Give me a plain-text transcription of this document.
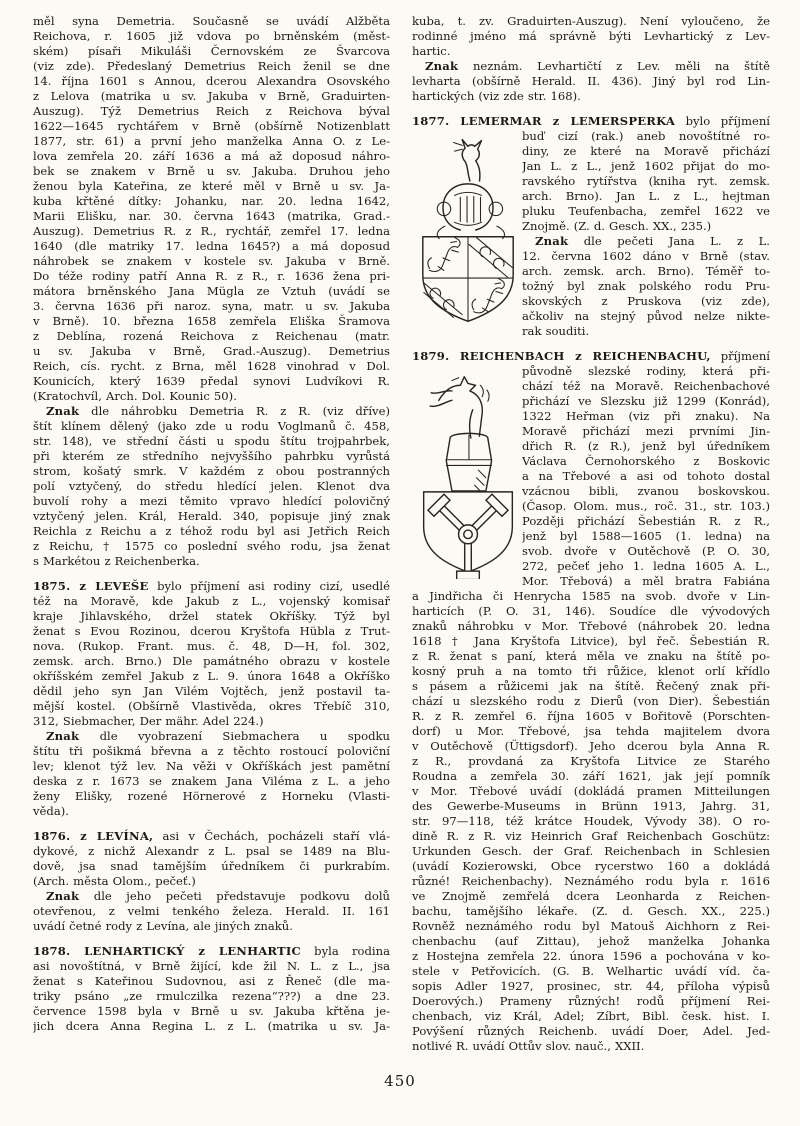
měl syna Demetria. Současně se uvádí Alžběta
Reichova, r. 1605 již vdova po brněnském (měst-
ském) písaři Mikuláši Černovském ze Švarcova
(viz zde). Předeslaný Demetrius Reich ženil se dne
14. října 1601 s Annou, dcerou Alexandra Osovského
z Lelova (matrika u sv. Jakuba v Brně, Graduirten-
Auszug). Týž Demetrius Reich z Reichova býval
1622—1645 rychtářem v Brně (obšírně Notizenblatt
1877, str. 61) a první jeho manželka Anna O. z Le-
lova zemřela 20. září 1636 a má až doposud náhro-
bek se znakem v Brně u sv. Jakuba. Druhou jeho
ženou byla Kateřina, ze které měl v Brně u sv. Ja-
kuba křtěné dítky: Johanku, nar. 20. ledna 1642,
Marii Elišku, nar. 30. června 1643 (matrika, Grad.-
Auszug). Demetrius R. z R., rychtář, zemřel 17. ledna
1640 (dle matriky 17. ledna 1645?) a má doposud
náhrobek se znakem v kostele sv. Jakuba v Brně.
Do téže rodiny patří Anna R. z R., r. 1636 žena pri-
mátora brněnského Jana Mügla ze Vztuh (uvádí se
3. června 1636 při naroz. syna, matr. u sv. Jakuba
v Brně). 10. března 1658 zemřela Eliška Šramova
z Deblína, rozená Reichova z Reichenau (matr.
u sv. Jakuba v Brně, Grad.-Auszug). Demetrius
Reich, cís. rycht. z Brna, měl 1628 vinohrad v Dol.
Kounicích, který 1639 předal synovi Ludvíkovi R.
(Kratochvíl, Arch. Dol. Kounic 50).
Znak dle náhrobku Demetria R. z R. (viz dříve)
štít klínem dělený (jako zde u rodu Voglmanů č. 458,
str. 148), ve střední části u spodu štítu trojpahrbek,
při kterém ze středního nejvyššího pahrbku vyrůstá
strom, košatý smrk. V každém z obou postranných
polí vztyčený, do středu hledící jelen. Klenot dva
buvolí rohy a mezi těmito vpravo hledící polovičný
vztyčený jelen. Král, Herald. 340, popisuje jiný znak
Reichla z Reichu a z téhož rodu byl asi Jetřich Reich
z Reichu, † 1575 co poslední svého rodu, jsa ženat
s Markétou z Reichenberka.
1875. z LEVEŠE bylo příjmení asi rodiny cizí, usedlé
též na Moravě, kde Jakub z L., vojenský komisař
kraje Jihlavského, držel statek Okříšky. Týž byl
ženat s Evou Rozinou, dcerou Kryštofa Hübla z Trut-
nova. (Rukop. Frant. mus. č. 48, D—H, fol. 302,
zemsk. arch. Brno.) Dle památného obrazu v kostele
okříšském zemřel Jakub z L. 9. února 1648 a Okříško
dědil jeho syn Jan Vilém Vojtěch, jenž postavil ta-
mější kostel. (Obšírně Vlastivěda, okres Třebíč 310,
312, Siebmacher, Der mähr. Adel 224.)
Znak dle vyobrazení Siebmachera u spodku
štítu tři pošikmá břevna a z těchto rostoucí poloviční
lev; klenot týž lev. Na věži v Okříškách jest pamětní
deska z r. 1673 se znakem Jana Viléma z L. a jeho
ženy Elišky, rozené Hörnerové z Horneku (Vlasti-
věda).
1876. z LEVÍNA, asi v Čechách, pocházeli staří vlá-
dykové, z nichž Alexandr z L. psal se 1489 na Blu-
dově, jsa snad tamějším úředníkem či purkrabím.
(Arch. města Olom., pečeť.)
Znak dle jeho pečeti představuje podkovu dolů
otevřenou, z velmi tenkého železa. Herald. II. 161
uvádí četné rody z Levína, ale jiných znaků.
1878. LENHARTICKÝ z LENHARTIC byla rodina
asi novoštítná, v Brně žijící, kde žil N. L. z L., jsa
ženat s Kateřinou Sudovnou, asi z Řeneč (dle ma-
triky psáno „ze rmulczilka rezena“???) a dne 23.
července 1598 byla v Brně u sv. Jakuba křtěna je-
jich dcera Anna Regina L. z L. (matrika u sv. Ja-
kuba, t. zv. Graduirten-Auszug). Není vyloučeno, že
rodinné jméno má správně býti Levhartický z Lev-
hartic.
Znak neznám. Levhartičtí z Lev. měli na štítě
levharta (obšírně Herald. II. 436). Jiný byl rod Lin-
hartických (viz zde str. 168).
1877. LEMERMAR z LEMERSPERKA bylo příjmení
buď cizí (rak.) aneb novoštítné ro-
diny, ze které na Moravě přichází
Jan L. z L., jenž 1602 přijat do mo-
ravského rytířstva (kniha ryt. zemsk.
arch. Brno). Jan L. z L., hejtman
pluku Teufenbacha, zemřel 1622 ve
Znojmě. (Z. d. Gesch. XX., 235.)
Znak dle pečeti Jana L. z L.
12. června 1602 dáno v Brně (stav.
arch. zemsk. arch. Brno). Téměř to-
tožný byl znak polského rodu Pru-
skovských z Pruskova (viz zde),
ačkoliv na stejný původ nelze nikte-
rak souditi.
1879. REICHENBACH z REICHENBACHU, příjmení
původně slezské rodiny, která při-
chází též na Moravě. Reichenbachové
přichází ve Slezsku již 1299 (Konrád),
1322 Heřman (viz při znaku). Na
Moravě přichází mezi prvními Jin-
dřich R. (z R.), jenž byl úředníkem
Václava Černohorského z Boskovic
a na Třebové a asi od tohoto dostal
vzácnou bibli, zvanou boskovskou.
(Časop. Olom. mus., roč. 31., str. 103.)
Později přichází Šebestián R. z R.,
jenž byl 1588—1605 (1. ledna) na
svob. dvoře v Outěchově (P. O. 30,
272, pečeť jeho 1. ledna 1605 A. L.,
Mor. Třebová) a měl bratra Fabiána
a Jindřicha či Henrycha 1585 na svob. dvoře v Lin-
harticích (P. O. 31, 146). Soudíce dle vývodových
znaků náhrobku v Mor. Třebové (náhrobek 20. ledna
1618 † Jana Kryštofa Litvice), byl řeč. Šebestián R.
z R. ženat s paní, která měla ve znaku na štítě po-
kosný pruh a na tomto tři růžice, klenot orlí křídlo
s pásem a růžicemi jak na štítě. Řečený znak při-
chází u slezského rodu z Dierů (von Dier). Šebestián
R. z R. zemřel 6. října 1605 v Bořitově (Porschten-
dorf) u Mor. Třebové, jsa tehda majitelem dvora
v Outěchově (Üttigsdorf). Jeho dcerou byla Anna R.
z R., provdaná za Kryštofa Litvice ze Starého
Roudna a zemřela 30. září 1621, jak její pomník
v Mor. Třebové uvádí (dokládá pramen Mitteilungen
des Gewerbe-Museums in Brünn 1913, Jahrg. 31,
str. 97—118, též krátce Houdek, Vývody 38). O ro-
dině R. z R. viz Heinrich Graf Reichenbach Goschütz:
Urkunden Gesch. der Graf. Reichenbach in Schlesien
(uvádí Kozierowski, Obce rycerstwo 160 a dokládá
různé! Reichenbachy). Neznámého rodu byla r. 1616
ve Znojmě zemřelá dcera Leonharda z Reichen-
bachu, tamějšího lékaře. (Z. d. Gesch. XX., 225.)
Rovněž neznámého rodu byl Matouš Aichhorn z Rei-
chenbachu (auf Zittau), jehož manželka Johanka
z Hostejna zemřela 22. února 1596 a pochována v ko-
stele v Petřovicích. (G. B. Welhartic uvádí víd. ča-
sopis Adler 1927, prosinec, str. 44, příloha výpisů
Doerových.) Prameny různých! rodů příjmení Rei-
chenbach, viz Král, Adel; Zíbrt, Bibl. česk. hist. I.
Povýšení různých Reichenb. uvádí Doer, Adel. Jed-
notlivé R. uvádí Ottův slov. nauč., XXII.
450
